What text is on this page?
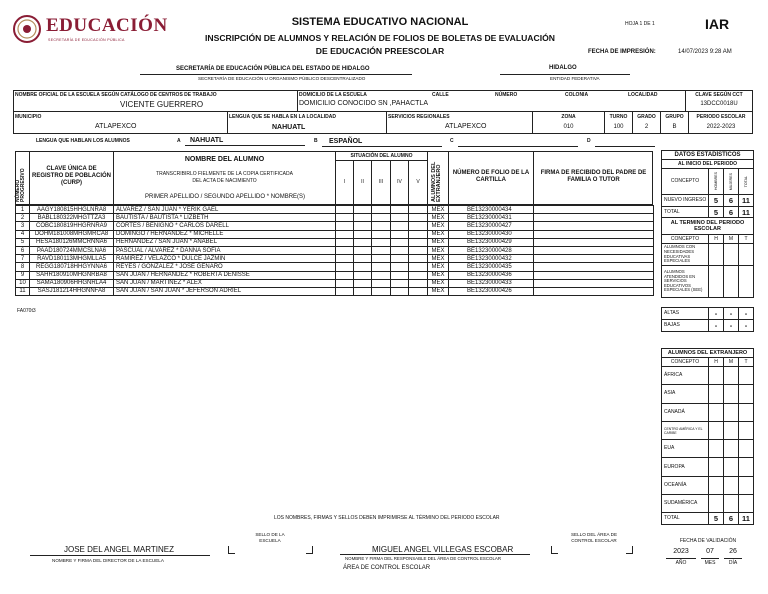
EDUCACIÓN
SECRETARÍA DE EDUCACIÓN PÚBLICA
SISTEMA EDUCATIVO NACIONAL
INSCRIPCIÓN DE ALUMNOS Y RELACIÓN DE FOLIOS DE BOLETAS DE EVALUACIÓN
DE EDUCACIÓN PREESCOLAR
HOJA 1 DE 1	IAR
FECHA DE IMPRESIÓN:	14/07/2023 9:28 AM
SECRETARÍA DE EDUCACIÓN PÚBLICA DEL ESTADO DE HIDALGO
SECRETARÍA DE EDUCACIÓN U ORGANISMO PÚBLICO DESCENTRALIZADO
HIDALGO
ENTIDAD FEDERATIVA
NOMBRE OFICIAL DE LA ESCUELA SEGÚN CATÁLOGO DE CENTROS DE TRABAJO
VICENTE GUERRERO
DOMICILIO DE LA ESCUELA	CALLE	NÚMERO	COLONIA	LOCALIDAD
DOMICILIO CONOCIDO SN ,PAHACTLA
CLAVE SEGÚN CCT
13DCC0018U
MUNICIPIO
ATLAPEXCO
LENGUA QUE SE HABLA EN LA LOCALIDAD
NAHUATL
SERVICIOS REGIONALES
ATLAPEXCO
ZONA
010
TURNO
100
GRADO
2
GRUPO
B
PERIODO ESCOLAR
2022-2023
LENGUA QUE HABLAN LOS ALUMNOS	A NAHUATL	B ESPAÑOL	C	D
NÚMERO PROGRESIVO	CLAVE ÚNICA DE REGISTRO DE POBLACIÓN (CURP)
NOMBRE DEL ALUMNO
TRANSCRIBIRLO FIELMENTE DE LA COPIA CERTIFICADA
DEL ACTA DE NACIMIENTO
PRIMER APELLIDO / SEGUNDO APELLIDO * NOMBRE(S)
SITUACIÓN DEL ALUMNO
I	II	III	IV	V	ALUMNOS DEL EXTRANJERO	NÚMERO DE FOLIO DE LA CARTILLA
FIRMA DE RECIBIDO DEL PADRE DE FAMILIA O TUTOR
1	AAGY180815HHGLNRA8	ALVAREZ / SAN JUAN * YERIK GAEL						MEX	BE13230000434	
2	BABL180322MHGTTZA3	BAUTISTA / BAUTISTA * LIZBETH						MEX	BE13230000431	
3	COBC180819HHGRNRA9	CORTES / BENIGNO * CARLOS DARELL						MEX	BE13230000427	
4	DOHM181008MHGMRCA8	DOMINGO / HERNANDEZ * MICHELLE						MEX	BE13230000430	
5	HESA180126MMCRNNA6	HERNANDEZ / SAN JUAN * ANABEL						MEX	BE13230000429	
6	PAAD180724MMCSLNA6	PASCUAL / ALVAREZ * DANNA SOFIA						MEX	BE13230000428	
7	RAVD180113MHGMLLA5	RAMIREZ / VELAZCO * DULCE JAZMIN						MEX	BE13230000432	
8	REGG180718HHGYNNA6	REYES / GONZALEZ * JOSE GENARO						MEX	BE13230000435	
9	SAHR180910MHGNRBA8	SAN JUAN / HERNANDEZ * ROBERTA DENISSE						MEX	BE13230000436	
10	SAMA180906HHGNRLA4	SAN JUAN / MARTINEZ * ALEX						MEX	BE13230000433	
11	SASJ181214HHGNNFA8	SAN JUAN / SAN JUAN * JEFERSON ADRIEL						MEX	BE13230000426	
FA070t3
DATOS ESTADÍSTICOS			
AL INICIO DEL PERIODO			
CONCEPTO	HOMBRES	MUJERES	TOTAL

NUEVO INGRESO	5	6	11
TOTAL	5	6	11
AL TERMINO DEL PERIODO ESCOLAR			
CONCEPTO	H	M	T
ALUMNOS CON NECESIDADES EDUCATIVAS ESPECIALES			
ALUMNOS ATENDIDOS EN SERVICIOS EDUCATIVOS ESPECIALES (SEE)			

ALTAS	-	-	-
BAJAS	-	-	-
ALUMNOS DEL EXTRANJERO			
CONCEPTO	H	M	T
ÁFRICA			
ASIA			
CANADÁ			
CENTRO AMÉRICA Y EL CARIBE			
EUA			
EUROPA			
OCEANÍA			
SUDAMÉRICA			
TOTAL	5	6	11
LOS NOMBRES, FIRMAS Y SELLOS DEBEN IMPRIMIRSE AL TÉRMINO DEL PERIODO ESCOLAR
JOSE DEL ANGEL MARTINEZ
NOMBRE Y FIRMA DEL DIRECTOR DE LA ESCUELA
SELLO DE LA ESCUELA
MIGUEL ANGEL VILLEGAS ESCOBAR
NOMBRE Y FIRMA DEL RESPONSABLE DEL ÁREA DE CONTROL ESCOLAR
ÁREA DE CONTROL ESCOLAR
SELLO DEL ÁREA DE CONTROL ESCOLAR	FECHA DE VALIDACIÓN
2023	07	26
AÑO	MES	DÍA
